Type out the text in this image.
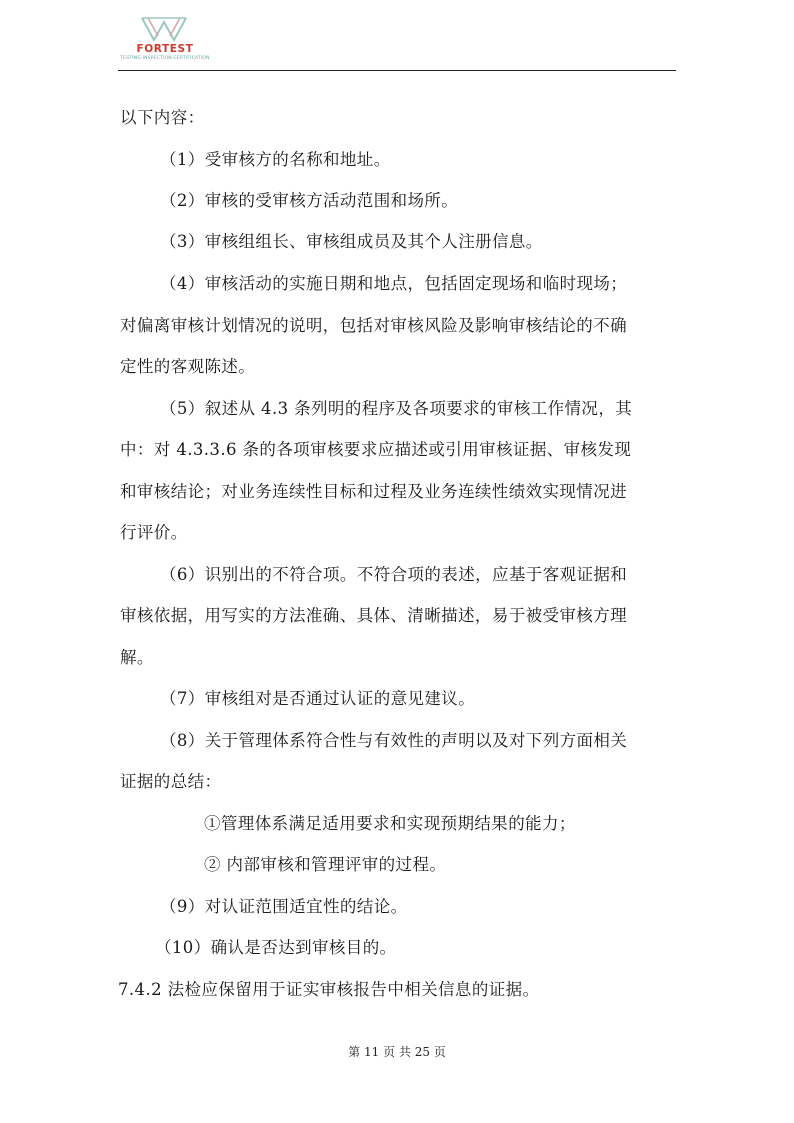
FORTEST
TESTING·INSPECTION·CERTIFICATION
以下内容：
（1）受审核方的名称和地址。
（2）审核的受审核方活动范围和场所。
（3）审核组组长、审核组成员及其个人注册信息。
（4）审核活动的实施日期和地点，包括固定现场和临时现场；
对偏离审核计划情况的说明，包括对审核风险及影响审核结论的不确
定性的客观陈述。
（5）叙述从 4.3 条列明的程序及各项要求的审核工作情况，其
中：对 4.3.3.6 条的各项审核要求应描述或引用审核证据、审核发现
和审核结论；对业务连续性目标和过程及业务连续性绩效实现情况进
行评价。
（6）识别出的不符合项。不符合项的表述，应基于客观证据和
审核依据，用写实的方法准确、具体、清晰描述，易于被受审核方理
解。
（7）审核组对是否通过认证的意见建议。
（8）关于管理体系符合性与有效性的声明以及对下列方面相关
证据的总结：
①管理体系满足适用要求和实现预期结果的能力；
② 内部审核和管理评审的过程。
（9）对认证范围适宜性的结论。
（10）确认是否达到审核目的。
7.4.2 法检应保留用于证实审核报告中相关信息的证据。
第 11 页 共 25 页
